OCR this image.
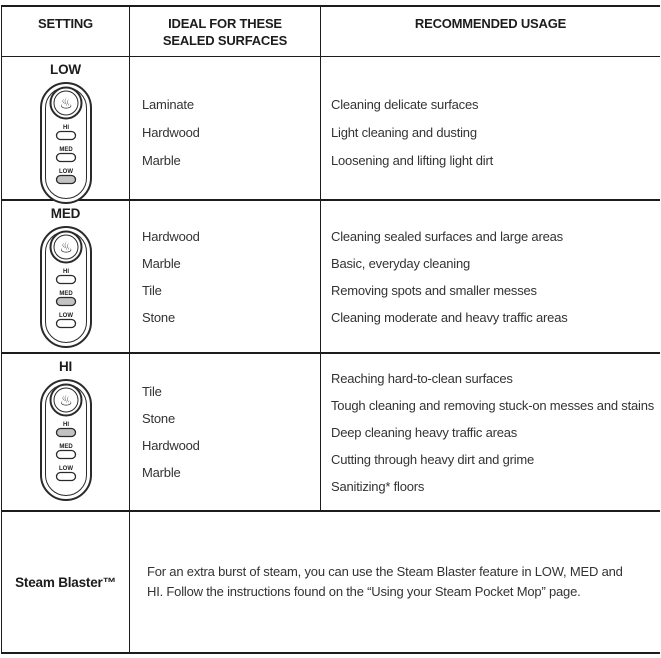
SETTING	IDEAL FOR THESE SEALED SURFACES
RECOMMENDED USAGE
LOW
♨
HI
MED
LOW
Laminate
Hardwood
Marble
Cleaning delicate surfaces
Light cleaning and dusting
Loosening and lifting light dirt
MED
♨
HI
MED
LOW
Hardwood
Marble
Tile
Stone
Cleaning sealed surfaces and large areas
Basic, everyday cleaning
Removing spots and smaller messes
Cleaning moderate and heavy traffic areas
HI
♨
HI
MED
LOW
Tile
Stone
Hardwood
Marble
Reaching hard-to-clean surfaces
Tough cleaning and removing stuck-on messes and stains
Deep cleaning heavy traffic areas
Cutting through heavy dirt and grime
Sanitizing* floors
Steam Blaster™
For an extra burst of steam, you can use the Steam Blaster feature in LOW, MED and HI. Follow the instructions found on the “Using your Steam Pocket Mop” page.
